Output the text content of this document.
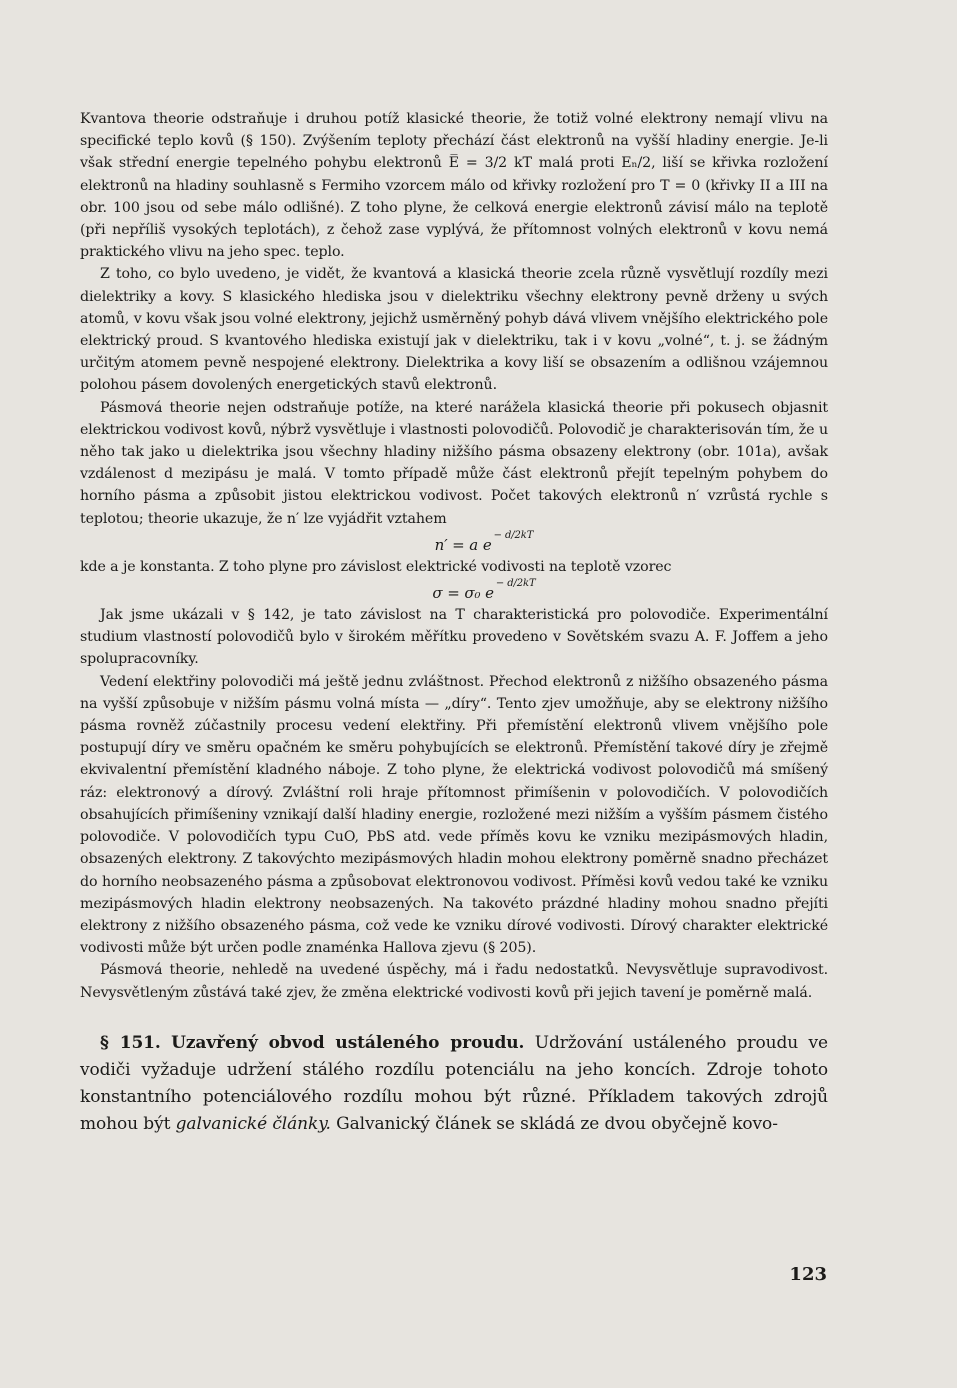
Kvantova theorie odstraňuje i druhou potíž klasické theorie, že totiž volné elektrony nemají vlivu na specifické teplo kovů (§ 150). Zvýšením teploty přechází část elektronů na vyšší hladiny energie. Je-li však střední energie tepelného pohybu elektronů E̅ = 3/2 kT malá proti Eₙ/2, liší se křivka rozložení elektronů na hladiny souhlasně s Fermiho vzorcem málo od křivky rozložení pro T = 0 (křivky II a III na obr. 100 jsou od sebe málo odlišné). Z toho plyne, že celková energie elektronů závisí málo na teplotě (při nepříliš vysokých teplotách), z čehož zase vyplývá, že přítomnost volných elektronů v kovu nemá praktického vlivu na jeho spec. teplo.

Z toho, co bylo uvedeno, je vidět, že kvantová a klasická theorie zcela různě vysvětlují rozdíly mezi dielektriky a kovy. S klasického hlediska jsou v dielektriku všechny elektrony pevně drženy u svých atomů, v kovu však jsou volné elektrony, jejichž usměrněný pohyb dává vlivem vnějšího elektrického pole elektrický proud. S kvantového hlediska existují jak v dielektriku, tak i v kovu „volné“, t. j. se žádným určitým atomem pevně nespojené elektrony. Dielektrika a kovy liší se obsazením a odlišnou vzájemnou polohou pásem dovolených energetických stavů elektronů.

Pásmová theorie nejen odstraňuje potíže, na které narážela klasická theorie při pokusech objasnit elektrickou vodivost kovů, nýbrž vysvětluje i vlastnosti polovodičů. Polovodič je charakterisován tím, že u něho tak jako u dielektrika jsou všechny hladiny nižšího pásma obsazeny elektrony (obr. 101a), avšak vzdálenost d mezipásu je malá. V tomto případě může část elektronů přejít tepelným pohybem do horního pásma a způsobit jistou elektrickou vodivost. Počet takových elektronů n′ vzrůstá rychle s teplotou; theorie ukazuje, že n′ lze vyjádřit vztahem

n′ = a $e^{- d/2kT}$

kde a je konstanta. Z toho plyne pro závislost elektrické vodivosti na teplotě vzorec

σ = σ₀ $e^{- d/2kT}$

Jak jsme ukázali v § 142, je tato závislost na T charakteristická pro polovodiče. Experimentální studium vlastností polovodičů bylo v širokém měřítku provedeno v Sovětském svazu A. F. Joffem a jeho spolupracovníky.

Vedení elektřiny polovodiči má ještě jednu zvláštnost. Přechod elektronů z nižšího obsazeného pásma na vyšší způsobuje v nižším pásmu volná místa — „díry“. Tento zjev umožňuje, aby se elektrony nižšího pásma rovněž zúčastnily procesu vedení elektřiny. Při přemístění elektronů vlivem vnějšího pole postupují díry ve směru opačném ke směru pohybujících se elektronů. Přemístění takové díry je zřejmě ekvivalentní přemístění kladného náboje. Z toho plyne, že elektrická vodivost polovodičů má smíšený ráz: elektronový a dírový. Zvláštní roli hraje přítomnost přimíšenin v polovodičích. V polovodičích obsahujících přimíšeniny vznikají další hladiny energie, rozložené mezi nižším a vyšším pásmem čistého polovodiče. V polovodičích typu CuO, PbS atd. vede příměs kovu ke vzniku mezipásmových hladin, obsazených elektrony. Z takovýchto mezipásmových hladin mohou elektrony poměrně snadno přecházet do horního neobsazeného pásma a způsobovat elektronovou vodivost. Příměsi kovů vedou také ke vzniku mezipásmových hladin elektrony neobsazených. Na takovéto prázdné hladiny mohou snadno přejíti elektrony z nižšího obsazeného pásma, což vede ke vzniku dírové vodivosti. Dírový charakter elektrické vodivosti může být určen podle znaménka Hallova zjevu (§ 205).

Pásmová theorie, nehledě na uvedené úspěchy, má i řadu nedostatků. Nevysvětluje supravodivost. Nevysvětleným zůstává také zjev, že změna elektrické vodivosti kovů při jejich tavení je poměrně malá.

§ 151. Uzavřený obvod ustáleného proudu. Udržování ustáleného proudu ve vodiči vyžaduje udržení stálého rozdílu potenciálu na jeho koncích. Zdroje tohoto konstantního potenciálového rozdílu mohou být různé. Příkladem takových zdrojů mohou být galvanické články. Galvanický článek se skládá ze dvou obyčejně kovo-

123
